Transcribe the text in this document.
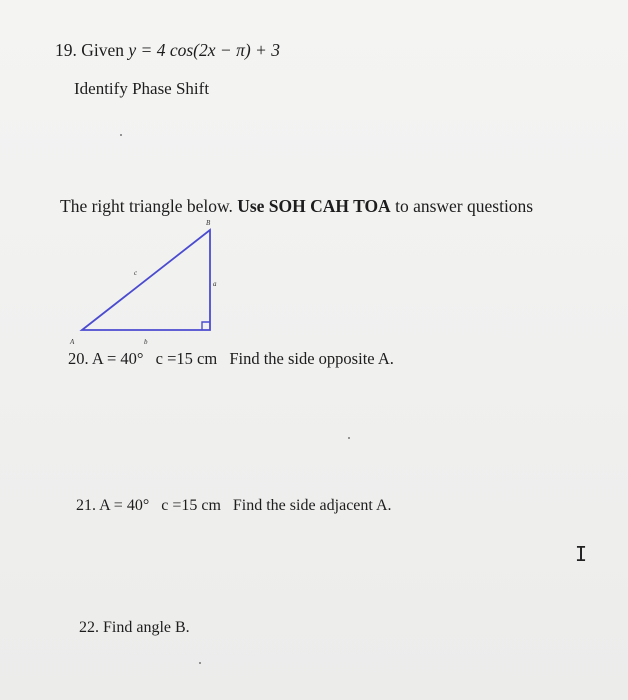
19. Given y = 4 cos(2x − π) + 3
Identify Phase Shift
The right triangle below. Use SOH CAH TOA to answer questions
B
A
c
a
b
20. A = 40° c =15 cm Find the side opposite A.
21. A = 40° c =15 cm Find the side adjacent A.
22. Find angle B.
I
